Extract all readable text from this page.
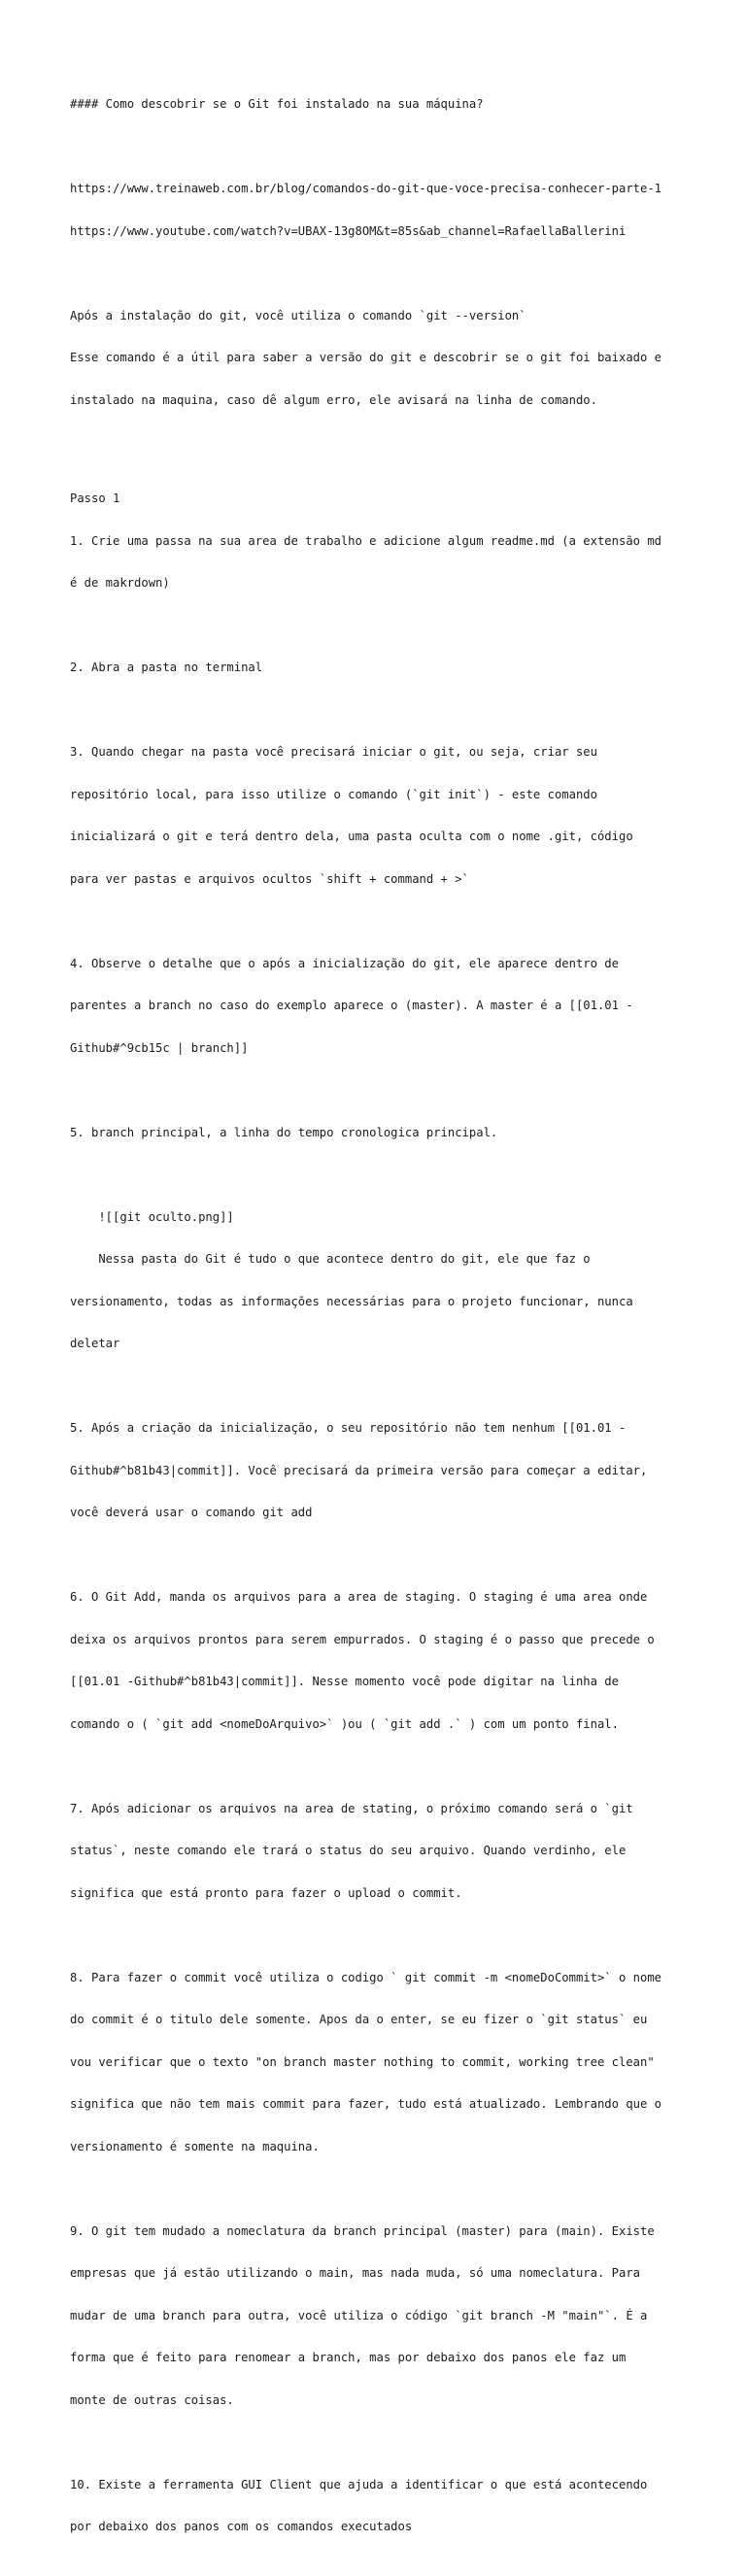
#### Como descobrir se o Git foi instalado na sua máquina?

https://www.treinaweb.com.br/blog/comandos-do-git-que-voce-precisa-conhecer-parte-1

https://www.youtube.com/watch?v=UBAX-13g8OM&t=85s&ab_channel=RafaellaBallerini

Após a instalação do git, você utiliza o comando `git --version`

Esse comando é a útil para saber a versão do git e descobrir se o git foi baixado e

instalado na maquina, caso dê algum erro, ele avisará na linha de comando.

Passo 1

1. Crie uma passa na sua area de trabalho e adicione algum readme.md (a extensão md

é de makrdown)

2. Abra a pasta no terminal

3. Quando chegar na pasta você precisará iniciar o git, ou seja, criar seu

repositório local, para isso utilize o comando (`git init`) - este comando

inicializará o git e terá dentro dela, uma pasta oculta com o nome .git, código

para ver pastas e arquivos ocultos `shift + command + >`

4. Observe o detalhe que o após a inicialização do git, ele aparece dentro de

parentes a branch no caso do exemplo aparece o (master). A master é a [[01.01 -

Github#^9cb15c | branch]]

5. branch principal, a linha do tempo cronologica principal.

![[git oculto.png]]

Nessa pasta do Git é tudo o que acontece dentro do git, ele que faz o

versionamento, todas as informações necessárias para o projeto funcionar, nunca

deletar

5. Após a criação da inicialização, o seu repositório não tem nenhum [[01.01 -

Github#^b81b43|commit]]. Você precisará da primeira versão para começar a editar,

você deverá usar o comando git add

6. O Git Add, manda os arquivos para a area de staging. O staging é uma area onde

deixa os arquivos prontos para serem empurrados. O staging é o passo que precede o

[[01.01 -Github#^b81b43|commit]]. Nesse momento você pode digitar na linha de

comando o ( `git add <nomeDoArquivo>` )ou ( `git add .` ) com um ponto final.

7. Após adicionar os arquivos na area de stating, o próximo comando será o `git

status`, neste comando ele trará o status do seu arquivo. Quando verdinho, ele

significa que está pronto para fazer o upload o commit.

8. Para fazer o commit você utiliza o codigo ` git commit -m <nomeDoCommit>` o nome

do commit é o titulo dele somente. Apos da o enter, se eu fizer o `git status` eu

vou verificar que o texto "on branch master nothing to commit, working tree clean"

significa que não tem mais commit para fazer, tudo está atualizado. Lembrando que o

versionamento é somente na maquina.

9. O git tem mudado a nomeclatura da branch principal (master) para (main). Existe

empresas que já estão utilizando o main, mas nada muda, só uma nomeclatura. Para

mudar de uma branch para outra, você utiliza o código `git branch -M "main"`. É a

forma que é feito para renomear a branch, mas por debaixo dos panos ele faz um

monte de outras coisas.

10. Existe a ferramenta GUI Client que ajuda a identificar o que está acontecendo

por debaixo dos panos com os comandos executados
